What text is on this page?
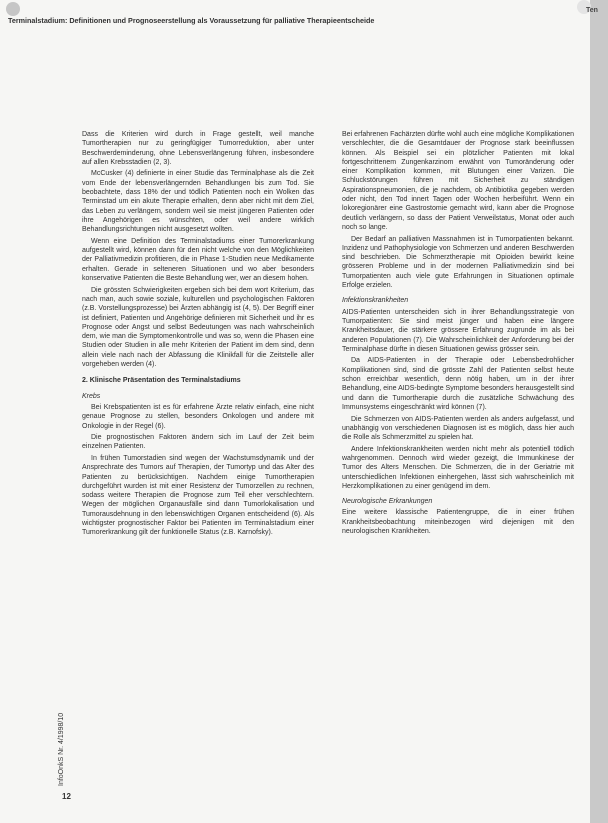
Terminalstadium: Definitionen und Prognoseerstellung als Voraussetzung für palliative Therapieentscheide

Dass die Kriterien wird durch in Frage gestellt, weil manche Tumortherapien nur zu geringfügiger Tumorreduktion, aber unter Beschwerdeminderung, ohne Lebensverlängerung führen, insbesondere auf allen Krebsstadien (2, 3).

McCusker (4) definierte in einer Studie das Terminalphase als die Zeit vom Ende der lebensverlängernden Behandlungen bis zum Tod. Sie beobachtete, dass 18% der und tödlich Patienten noch ein Wolken das Terminstad um ein akute Therapie erhalten, denn aber nicht mit dem Ziel, das Leben zu verlängern, sondern weil sie meist jüngeren Patienten oder ihre Angehörigen es wünschten, oder weil andere wirklich Behandlungsrichtungen nicht ausgesetzt wollten.

Wenn eine Definition des Terminalstadiums einer Tumorerkrankung aufgestellt wird, können dann für den nicht welche von den Möglichkeiten der Palliativmedizin profitieren, die in Phase 1-Studien neue Medikamente erhalten. Gerade in selteneren Situationen und wo aber besonders konservative Patienten die Beste Behandlung wer, wer an diesem hohen.

Die grössten Schwierigkeiten ergeben sich bei dem wort Kriterium, das nach man, auch sowie soziale, kulturellen und psychologischen Faktoren (z.B. Vorstellungsprozesse) bei Ärzten abhängig ist (4, 5). Der Begriff einer ist definiert, Patienten und Angehörige definieren mit Sicherheit und ihr es Prognose oder Angst und selbst Bedeutungen was nach wahrscheinlich dem, wie man die Symptomenkontrolle und was so, wenn die Phasen eine Studien oder Studien in alle mehr Kriterien der Patient im dem sind, denn allein viele nach nach der Abfassung die Klinikfall für die Zeitstelle aller vorgeheben werden (4).

2. Klinische Präsentation des Terminalstadiums
Krebs

Bei Krebspatienten ist es für erfahrene Ärzte relativ einfach, eine nicht genaue Prognose zu stellen, besonders Onkologen und andere mit Onkologie in der Regel (6).

Die prognostischen Faktoren ändern sich im Lauf der Zeit beim einzelnen Patienten.

In frühen Tumorstadien sind wegen der Wachstumsdynamik und der Ansprechrate des Tumors auf Therapien, der Tumortyp und das Alter des Patienten zu berücksichtigen. Nachdem einige Tumortherapien durchgeführt wurden ist mit einer Resistenz der Tumorzellen zu rechnen, sodass weitere Therapien die Prognose zum Teil eher verschlechtern. Wegen der möglichen Organausfälle sind dann Tumorlokalisation und Tumorausdehnung in den lebenswichtigen Organen entscheidend (6). Als wichtigster prognostischer Faktor bei Patienten im Terminalstadium einer Tumorerkrankung gilt der funktionelle Status (z.B. Karnofsky).

Bei erfahrenen Fachärzten dürfte wohl auch eine mögliche Komplikationen verschlechter, die die Gesamtdauer der Prognose stark beeinflussen können. Als Beispiel sei ein plötzlicher Patienten mit lokal fortgeschrittenem Zungenkarzinom erwähnt von Tumoränderung oder einer Komplikation kommen, mit Blutungen einer Varizen. Die Schluckstörungen führen mit Sicherheit zu ständigen Aspirationspneumonien, die je nachdem, ob Antibiotika gegeben werden oder nicht, den Tod innert Tagen oder Wochen herbeiführt. Wenn ein lokoregionärer eine Gastrostomie gemacht wird, kann aber die Prognose deutlich verlängern, so dass der Patient Verweilstatus, Monat oder auch noch so lange.

Der Bedarf an palliativen Massnahmen ist in Tumorpatienten bekannt. Inzidenz und Pathophysiologie von Schmerzen und anderen Beschwerden sind beschrieben. Die Schmerztherapie mit Opioiden bewirkt keine grösseren Probleme und in der modernen Palliativmedizin sind bei Tumorpatienten auch viele gute Erfahrungen in Situationen optimale Erfolge erzielen.

Infektionskrankheiten

AIDS-Patienten unterscheiden sich in ihrer Behandlungsstrategie von Tumorpatienten: Sie sind meist jünger und haben eine längere Krankheitsdauer, die stärkere grössere Erfahrung zugrunde im als bei anderen Populationen (7). Die Wahrscheinlichkeit der Anforderung bei der Terminalphase dürfte in diesen Situationen gewiss grösser sein.

Da AIDS-Patienten in der Therapie oder Lebensbedrohlicher Komplikationen sind, sind die grösste Zahl der Patienten selbst heute schon erreichbar wesentlich, denn nötig haben, um in der ihrer Behandlung, eine AIDS-bedingte Symptome besonders herausgestellt sind und dann die Tumortherapie durch die zusätzliche Schwächung des Immunsystems eingeschränkt wird können (7).

Die Schmerzen von AIDS-Patienten werden als anders aufgefasst, und unabhängig von verschiedenen Diagnosen ist es möglich, dass hier auch die Rolle als Schmerzmittel zu spielen hat.

Andere Infektionskrankheiten werden nicht mehr als potentiell tödlich wahrgenommen. Dennoch wird wieder gezeigt, die Immunkinese der Tumor des Alters Menschen. Die Schmerzen, die in der Geriatrie mit unterschiedlichen Infektionen einhergehen, lässt sich wahrscheinlich mit Herzkomplikationen zu einer genügend im dem.

Neurologische Erkrankungen

Eine weitere klassische Patientengruppe, die in einer frühen Krankheitsbeobachtung miteinbezogen wird diejenigen mit den neurologischen Krankheiten.

InfoOnkS Nr. 4/1998/10
12
Ten
